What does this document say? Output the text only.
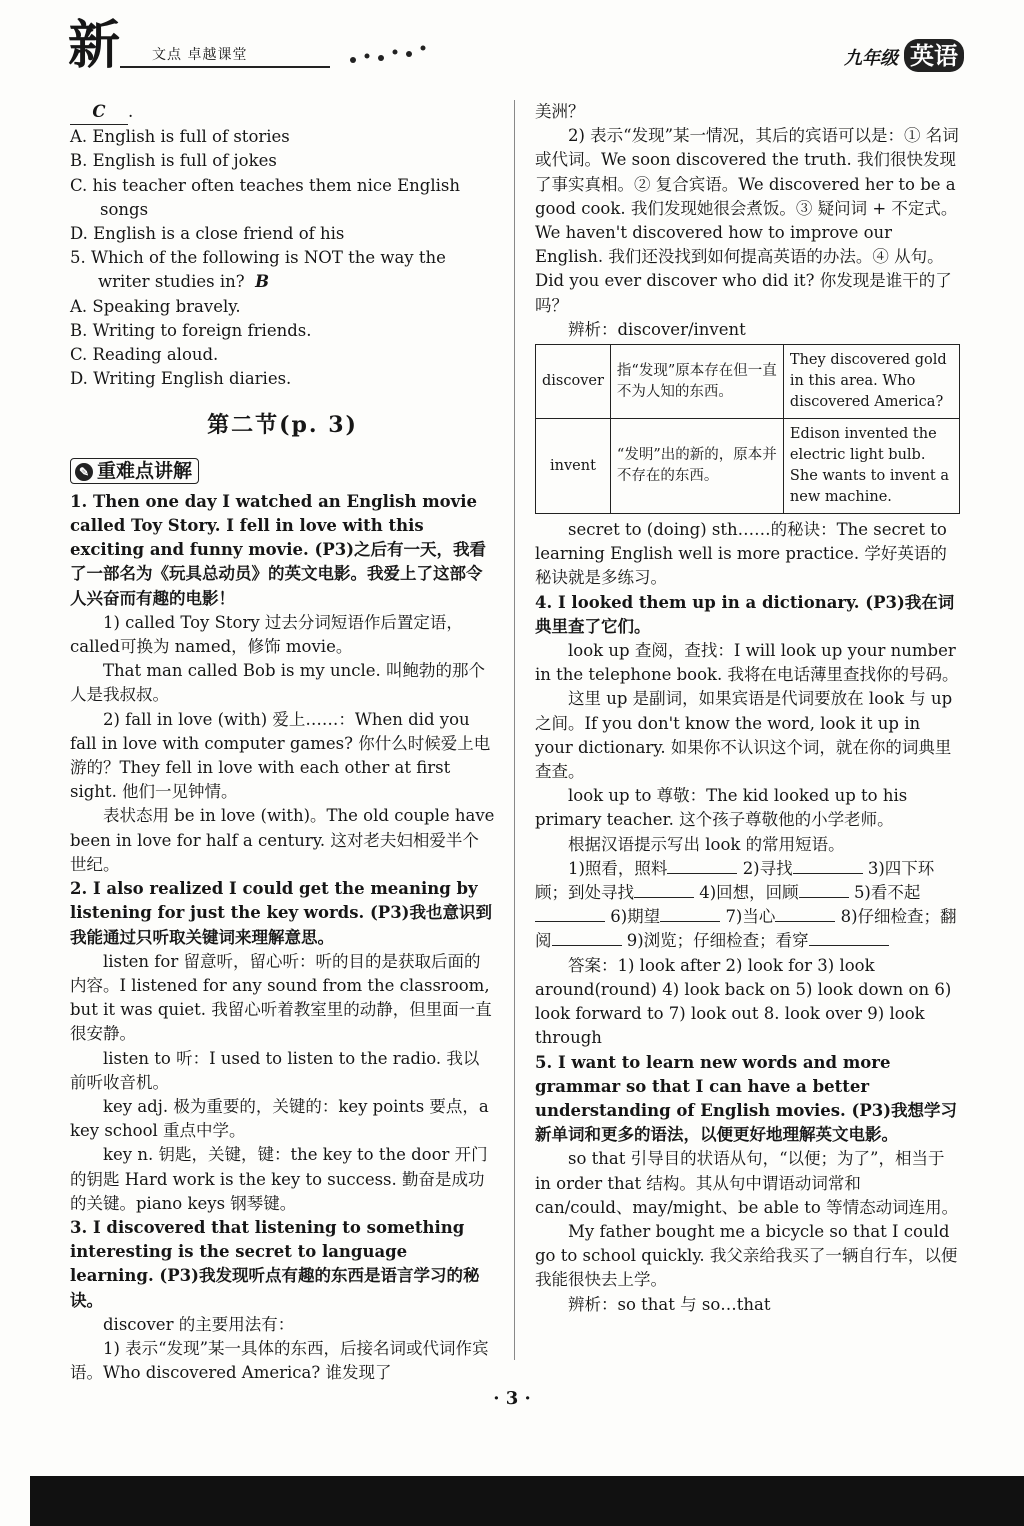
新 文点 卓越课堂	九年级 英语

C .

A. English is full of stories

B. English is full of jokes

C. his teacher often teaches them nice English songs

D. English is a close friend of his

5. Which of the following is NOT the way the writer studies in? B

A. Speaking bravely.

B. Writing to foreign friends.

C. Reading aloud.

D. Writing English diaries.

第二节(p. 3)
✎ 重难点讲解

1. Then one day I watched an English movie called Toy Story. I fell in love with this exciting and funny movie. (P3)之后有一天，我看了一部名为《玩具总动员》的英文电影。我爱上了这部令人兴奋而有趣的电影！

1) called Toy Story 过去分词短语作后置定语，called可换为 named，修饰 movie。

That man called Bob is my uncle. 叫鲍勃的那个人是我叔叔。

2) fall in love (with) 爱上……：When did you fall in love with computer games? 你什么时候爱上电游的？They fell in love with each other at first sight. 他们一见钟情。

表状态用 be in love (with)。The old couple have been in love for half a century. 这对老夫妇相爱半个世纪。

2. I also realized I could get the meaning by listening for just the key words. (P3)我也意识到我能通过只听取关键词来理解意思。

listen for 留意听，留心听：听的目的是获取后面的内容。I listened for any sound from the classroom, but it was quiet. 我留心听着教室里的动静，但里面一直很安静。

listen to 听：I used to listen to the radio. 我以前听收音机。

key adj. 极为重要的，关键的：key points 要点，a key school 重点中学。

key n. 钥匙，关键，键：the key to the door 开门的钥匙 Hard work is the key to success. 勤奋是成功的关键。piano keys 钢琴键。

3. I discovered that listening to something interesting is the secret to language learning. (P3)我发现听点有趣的东西是语言学习的秘诀。

discover 的主要用法有：

1) 表示“发现”某一具体的东西，后接名词或代词作宾语。Who discovered America? 谁发现了

美洲？

2) 表示“发现”某一情况，其后的宾语可以是：① 名词或代词。We soon discovered the truth. 我们很快发现了事实真相。② 复合宾语。We discovered her to be a good cook. 我们发现她很会煮饭。③ 疑问词 + 不定式。We haven't discovered how to improve our English. 我们还没找到如何提高英语的办法。④ 从句。Did you ever discover who did it? 你发现是谁干的了吗？

辨析：discover/invent

discover	指“发现”原本存在但一直不为人知的东西。	They discovered gold in this area. Who discovered America?
invent	“发明”出的新的，原本并不存在的东西。	Edison invented the electric light bulb. She wants to invent a new machine.

secret to (doing) sth……的秘诀：The secret to learning English well is more practice. 学好英语的秘诀就是多练习。

4. I looked them up in a dictionary. (P3)我在词典里查了它们。

look up 查阅，查找：I will look up your number in the telephone book. 我将在电话薄里查找你的号码。

这里 up 是副词，如果宾语是代词要放在 look 与 up 之间。If you don't know the word, look it up in your dictionary. 如果你不认识这个词，就在你的词典里查查。

look up to 尊敬：The kid looked up to his primary teacher. 这个孩子尊敬他的小学老师。

根据汉语提示写出 look 的常用短语。

1)照看，照料	2)寻找	3)四下环顾；到处寻找	4)回想，回顾	5)看不起 6)期望	7)当心	8)仔细检查；翻阅	9)浏览；仔细检查；看穿

答案：1) look after 2) look for 3) look around(round) 4) look back on 5) look down on 6) look forward to 7) look out 8. look over 9) look through

5. I want to learn new words and more grammar so that I can have a better understanding of English movies. (P3)我想学习新单词和更多的语法，以便更好地理解英文电影。

so that 引导目的状语从句，“以便；为了”，相当于 in order that 结构。其从句中谓语动词常和 can/could、may/might、be able to 等情态动词连用。

My father bought me a bicycle so that I could go to school quickly. 我父亲给我买了一辆自行车，以便我能很快去上学。

辨析：so that 与 so…that

· 3 ·
